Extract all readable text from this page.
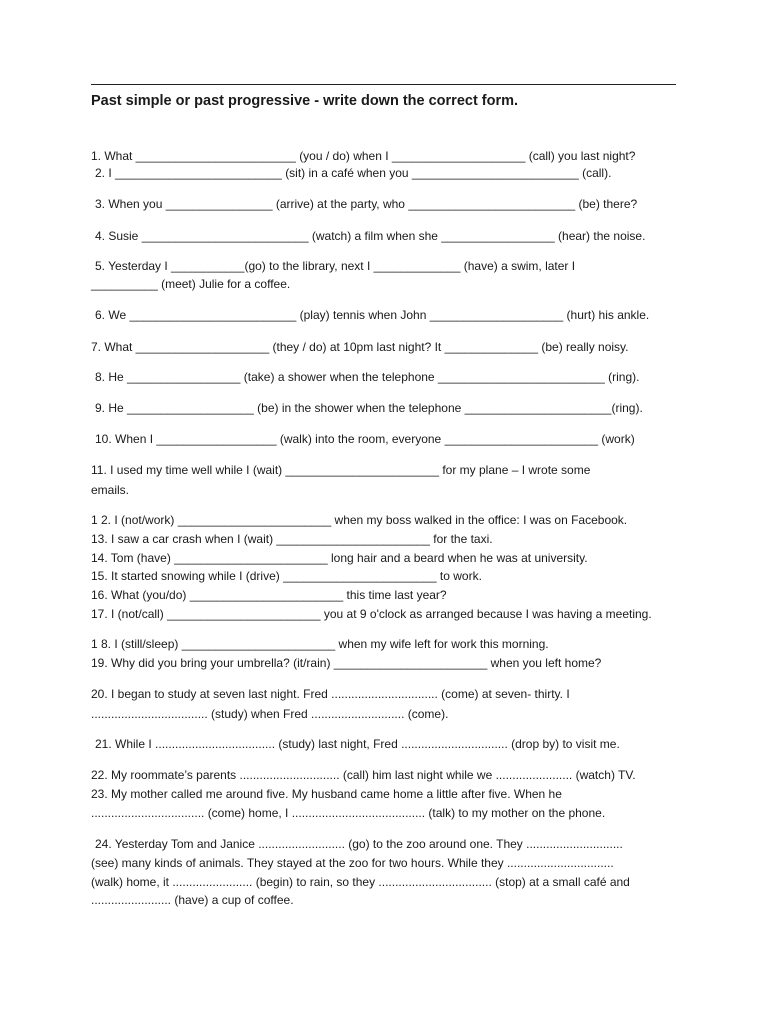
Past simple or past progressive - write down the correct form.
1. What ________________________ (you / do) when I ____________________ (call) you last night?
2. I _________________________ (sit) in a café when you _________________________ (call).
3. When you ________________ (arrive) at the party, who _________________________ (be) there?
4. Susie _________________________ (watch) a film when she _________________ (hear) the noise.
5. Yesterday I ___________(go) to the library, next I _____________ (have) a swim, later I
__________ (meet) Julie for a coffee.
6. We _________________________ (play) tennis when John ____________________ (hurt) his ankle.
7. What ____________________ (they / do) at 10pm last night? It ______________ (be) really noisy.
8. He _________________ (take) a shower when the telephone _________________________ (ring).
9. He ___________________ (be) in the shower when the telephone ______________________(ring).
10. When I __________________ (walk) into the room, everyone _______________________ (work)
11. I used my time well while I (wait) _______________________ for my plane – I wrote some
emails.
1 2. I (not/work) _______________________ when my boss walked in the office: I was on Facebook.
13. I saw a car crash when I (wait) _______________________ for the taxi.
14. Tom (have) _______________________ long hair and a beard when he was at university.
15. It started snowing while I (drive) _______________________ to work.
16. What (you/do) _______________________ this time last year?
17. I (not/call) _______________________ you at 9 o'clock as arranged because I was having a meeting.
1 8. I (still/sleep) _______________________ when my wife left for work this morning.
19. Why did you bring your umbrella? (it/rain) _______________________ when you left home?
20. I began to study at seven last night. Fred ................................ (come) at seven- thirty. I
................................... (study) when Fred ............................ (come).
21. While I .................................... (study) last night, Fred ................................ (drop by) to visit me.
22. My roommate’s parents .............................. (call) him last night while we ....................... (watch) TV.
23. My mother called me around five. My husband came home a little after five. When he
.................................. (come) home, I ........................................ (talk) to my mother on the phone.
24. Yesterday Tom and Janice .......................... (go) to the zoo around one. They .............................
(see) many kinds of animals. They stayed at the zoo for two hours. While they ................................
(walk) home, it ........................ (begin) to rain, so they .................................. (stop) at a small café and
........................ (have) a cup of coffee.
